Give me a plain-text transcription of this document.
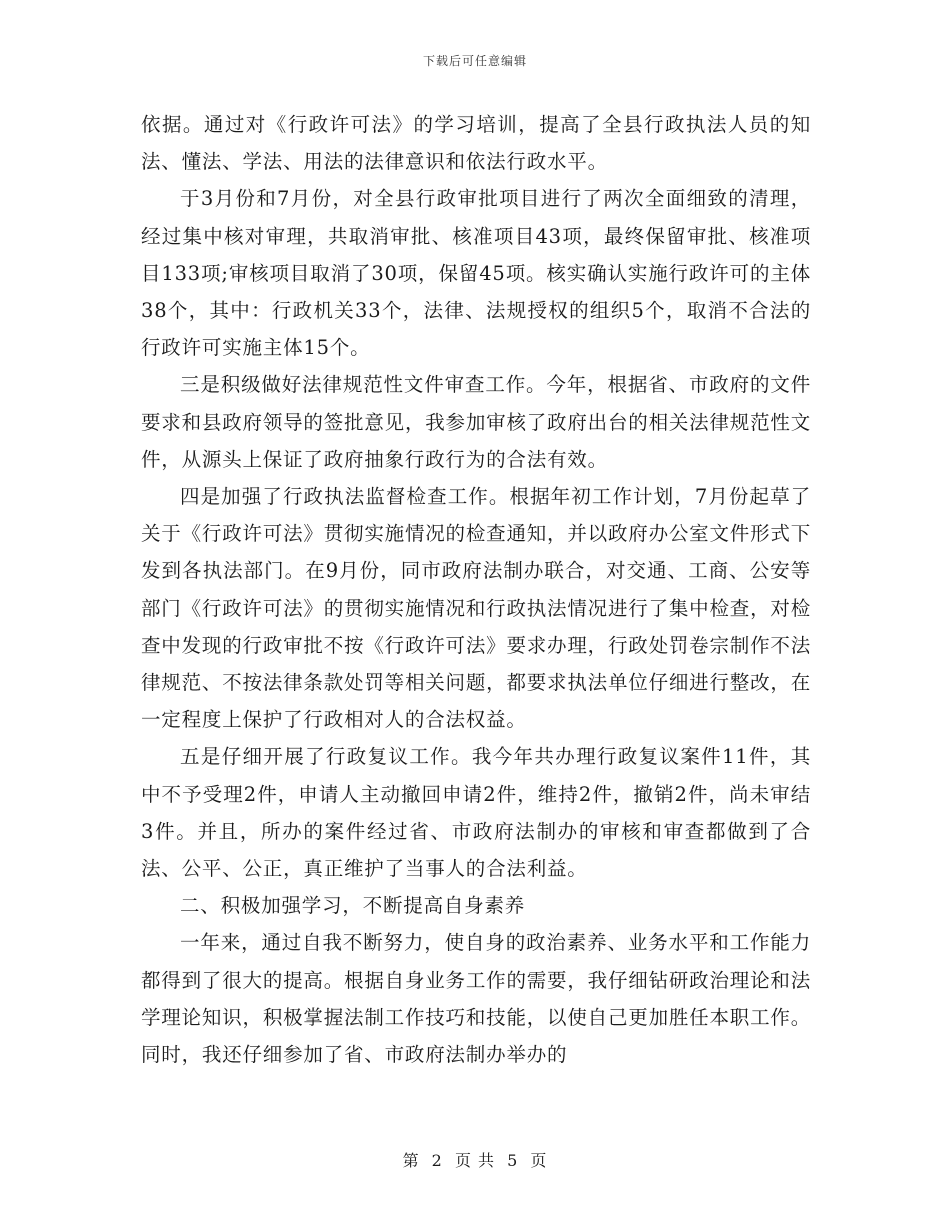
下载后可任意编辑

依据。通过对《行政许可法》的学习培训，提高了全县行政执法人员的知法、懂法、学法、用法的法律意识和依法行政水平。

于3月份和7月份，对全县行政审批项目进行了两次全面细致的清理，经过集中核对审理，共取消审批、核准项目43项，最终保留审批、核准项目133项;审核项目取消了30项，保留45项。核实确认实施行政许可的主体38个，其中：行政机关33个，法律、法规授权的组织5个，取消不合法的行政许可实施主体15个。

三是积级做好法律规范性文件审查工作。今年，根据省、市政府的文件要求和县政府领导的签批意见，我参加审核了政府出台的相关法律规范性文件，从源头上保证了政府抽象行政行为的合法有效。

四是加强了行政执法监督检查工作。根据年初工作计划，7月份起草了关于《行政许可法》贯彻实施情况的检查通知，并以政府办公室文件形式下发到各执法部门。在9月份，同市政府法制办联合，对交通、工商、公安等部门《行政许可法》的贯彻实施情况和行政执法情况进行了集中检查，对检查中发现的行政审批不按《行政许可法》要求办理，行政处罚卷宗制作不法律规范、不按法律条款处罚等相关问题，都要求执法单位仔细进行整改，在一定程度上保护了行政相对人的合法权益。

五是仔细开展了行政复议工作。我今年共办理行政复议案件11件，其中不予受理2件，申请人主动撤回申请2件，维持2件，撤销2件，尚未审结3件。并且，所办的案件经过省、市政府法制办的审核和审查都做到了合法、公平、公正，真正维护了当事人的合法利益。

二、积极加强学习，不断提高自身素养

一年来，通过自我不断努力，使自身的政治素养、业务水平和工作能力都得到了很大的提高。根据自身业务工作的需要，我仔细钻研政治理论和法学理论知识，积极掌握法制工作技巧和技能，以使自己更加胜任本职工作。同时，我还仔细参加了省、市政府法制办举办的

第 2 页 共 5 页
